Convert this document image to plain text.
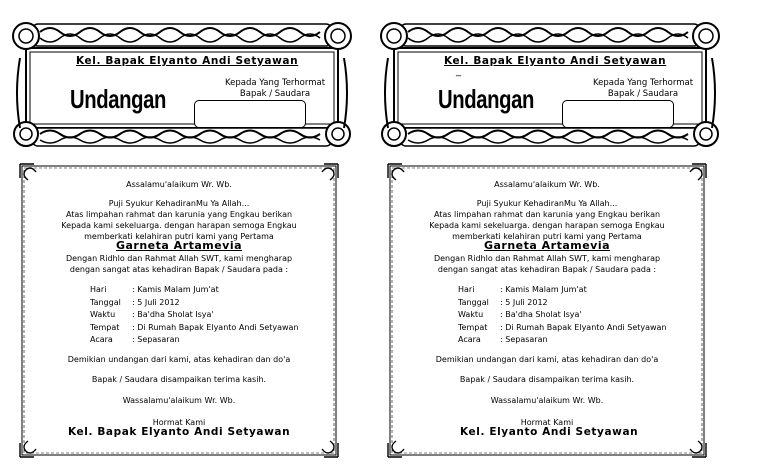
Kel. Bapak Elyanto Andi Setyawan
Undangan
Kepada Yang Terhormat
Bapak / Saudara
Assalamu'alaikum Wr. Wb.
Puji Syukur KehadiranMu Ya Allah...
Atas limpahan rahmat dan karunia yang Engkau berikan
Kepada kami sekeluarga. dengan harapan semoga Engkau
memberkati kelahiran putri kami yang Pertama
Garneta Artamevia
Dengan Ridhlo dan Rahmat Allah SWT, kami mengharap
dengan sangat atas kehadiran Bapak / Saudara pada :
Hari	: Kamis Malam Jum'at
Tanggal	: 5 Juli 2012
Waktu	: Ba'dha Sholat Isya'
Tempat	: Di Rumah Bapak Elyanto Andi Setyawan
Acara	: Sepasaran
Demikian undangan dari kami, atas kehadiran dan do'a
Bapak / Saudara disampaikan terima kasih.
Wassalamu'alaikum Wr. Wb.
Hormat Kami
Kel. Bapak Elyanto Andi Setyawan
Kel. Bapak Elyanto Andi Setyawan
_
Undangan
Kepada Yang Terhormat
Bapak / Saudara
Assalamu'alaikum Wr. Wb.
Puji Syukur KehadiranMu Ya Allah...
Atas limpahan rahmat dan karunia yang Engkau berikan
Kepada kami sekeluarga. dengan harapan semoga Engkau
memberkati kelahiran putri kami yang Pertama
Garneta Artamevia
Dengan Ridhlo dan Rahmat Allah SWT, kami mengharap
dengan sangat atas kehadiran Bapak / Saudara pada :
Hari	: Kamis Malam Jum'at
Tanggal	: 5 Juli 2012
Waktu	: Ba'dha Sholat Isya'
Tempat	: Di Rumah Bapak Elyanto Andi Setyawan
Acara	: Sepasaran
Demikian undangan dari kami, atas kehadiran dan do'a
Bapak / Saudara disampaikan terima kasih.
Wassalamu'alaikum Wr. Wb.
Hormat Kami
Kel. Elyanto Andi Setyawan
